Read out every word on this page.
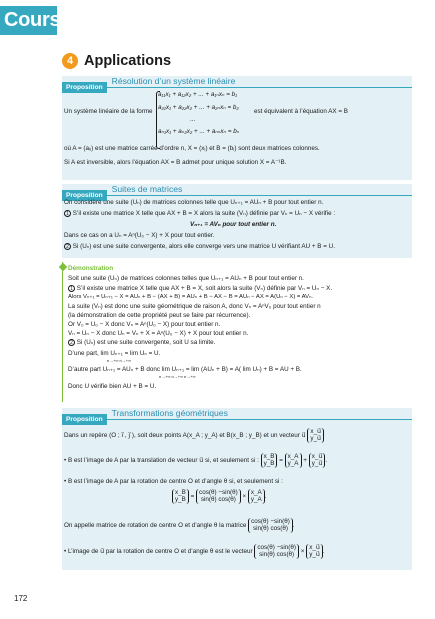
Cours
4 Applications
PropositionRésolution d’un système linéaire
Un système linéaire de la forme
a₁₁x₁ + a₁₂x₂ + ... + a₁ₙxₙ = b₁
a₂₁x₁ + a₂₂x₂ + ... + a₂ₙxₙ = b₂
...
aₙ₁x₁ + aₙ₂x₂ + ... + aₙₙxₙ = bₙ
est équivalent à l’équation AX = B
où A = (aᵢⱼ) est une matrice carrée d’ordre n, X = (xⱼ) et B = (bⱼ) sont deux matrices colonnes.
Si A est inversible, alors l’équation AX = B admet pour unique solution X = A⁻¹B.
PropositionSuites de matrices
On considère une suite (Uₙ) de matrices colonnes telle que Uₙ₊₁ = AUₙ + B pour tout entier n.
1 S’il existe une matrice X telle que AX + B = X alors la suite (Vₙ) définie par Vₙ = Uₙ − X vérifie :
Vₙ₊₁ = AVₙ pour tout entier n.
Dans ce cas on a Uₙ = Aⁿ(U₀ − X) + X pour tout entier.
2 Si (Uₙ) est une suite convergente, alors elle converge vers une matrice U vérifiant AU + B = U.
Démonstration
Soit une suite (Uₙ) de matrices colonnes telles que Uₙ₊₁ = AUₙ + B pour tout entier n.
1 S’il existe une matrice X telle que AX + B = X, soit alors la suite (Vₙ) définie par Vₙ = Uₙ − X.
Alors Vₙ₊₁ = Uₙ₊₁ − X = AUₙ + B − (AX + B) = AUₙ + B − AX − B = AUₙ − AX = A(Uₙ − X) = AVₙ.
La suite (Vₙ) est donc une suite géométrique de raison A, donc Vₙ = AⁿV₀ pour tout entier n
(la démonstration de cette propriété peut se faire par récurrence).
Or V₀ = U₀ − X donc Vₙ = Aⁿ(U₀ − X) pour tout entier n.
Vₙ = Uₙ − X donc Uₙ = Vₙ + X = Aⁿ(U₀ − X) + X pour tout entier n.
2 Si (Uₙ) est une suite convergente, soit U sa limite.
D’une part, lim Uₙ₊₁ = lim Uₙ = U.
n→+∞ n→+∞
D’autre part Uₙ₊₁ = AUₙ + B donc lim Uₙ₊₁ = lim (AUₙ + B) = A( lim Uₙ) + B = AU + B.
n→+∞ n→+∞ n→+∞
Donc U vérifie bien AU + B = U.
PropositionTransformations géométriques
Dans un repère (O ; i⃗ , j⃗ ), soit deux points A(x_A ; y_A) et B(x_B ; y_B) et un vecteur u⃗
x_u⃗
y_u⃗
• B est l’image de A par la translation de vecteur u⃗ si, et seulement si :
x_B
y_B =
x_A
y_A +
x_u⃗
y_u⃗ .
• B est l’image de A par la rotation de centre O et d’angle θ si, et seulement si :
x_B
y_B =
cos(θ) −sin(θ)
sin(θ) cos(θ) ×
x_A
y_A .
On appelle matrice de rotation de centre O et d’angle θ la matrice
cos(θ) −sin(θ)
sin(θ) cos(θ) .
• L’image de u⃗ par la rotation de centre O et d’angle θ est le vecteur
cos(θ) −sin(θ)
sin(θ) cos(θ) ×
x_u⃗
y_u⃗ .
172
